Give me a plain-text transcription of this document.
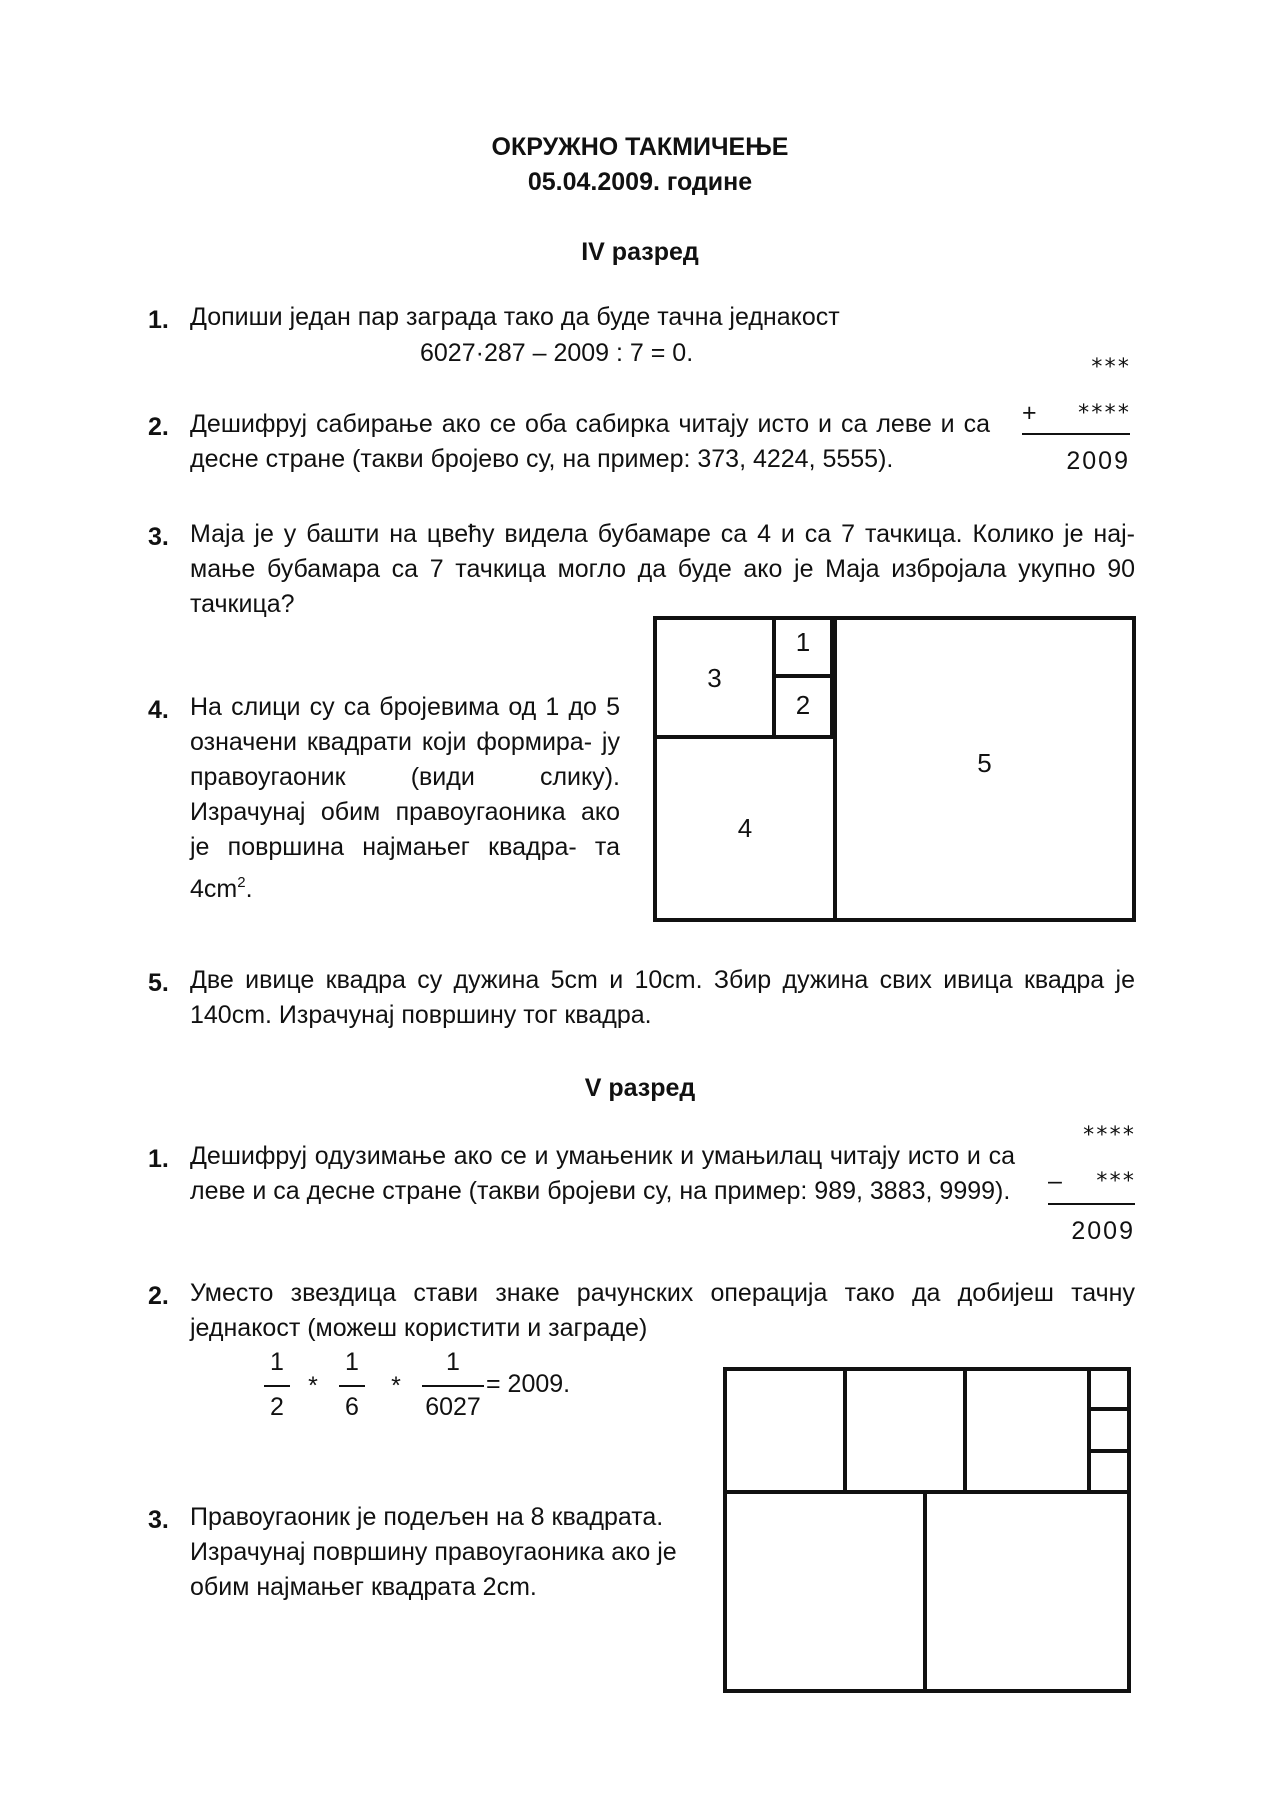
ОКРУЖНО ТАКМИЧЕЊЕ
05.04.2009. године
IV разред
1. Допиши један пар заграда тако да буде тачна једнакост
6027·287 – 2009 : 7 = 0.
2. Дешифруј сабирање ако се оба сабирка читају исто и са леве и са десне стране (такви бројево су, на пример: 373, 4224, 5555).
***
+	****
2009
3. Маја је у башти на цвећу видела бубамаре са 4 и са 7 тачкица. Колико је нај- мање бубамара са 7 тачкица могло да буде ако је Маја избројала укупно 90 тачкица?
4. На слици су са бројевима од 1 до 5 означени квадрати који формира- ју правоугаоник (види слику). Израчунај обим правоугаоника ако је површина најмањег квадра- та $4cm^2$.
1
2
3
4
5
5. Две ивице квадра су дужина 5cm и 10cm. Збир дужина свих ивица квадра је 140cm. Израчунај површину тог квадра.
V разред
1. Дешифруј одузимање ако се и умањеник и умањилац читају исто и са леве и са десне стране (такви бројеви су, на пример: 989, 3883, 9999).
****
–	***
2009
2. Уместо звездица стави знаке рачунских операција тако да добијеш тачну једнакост (можеш користити и заграде)
1
2
*
1
6
*
1
6027
= 2009.
3. Правоугаоник је подељен на 8 квадрата. Израчунај површину правоугаоника ако је обим најмањег квадрата 2cm.
